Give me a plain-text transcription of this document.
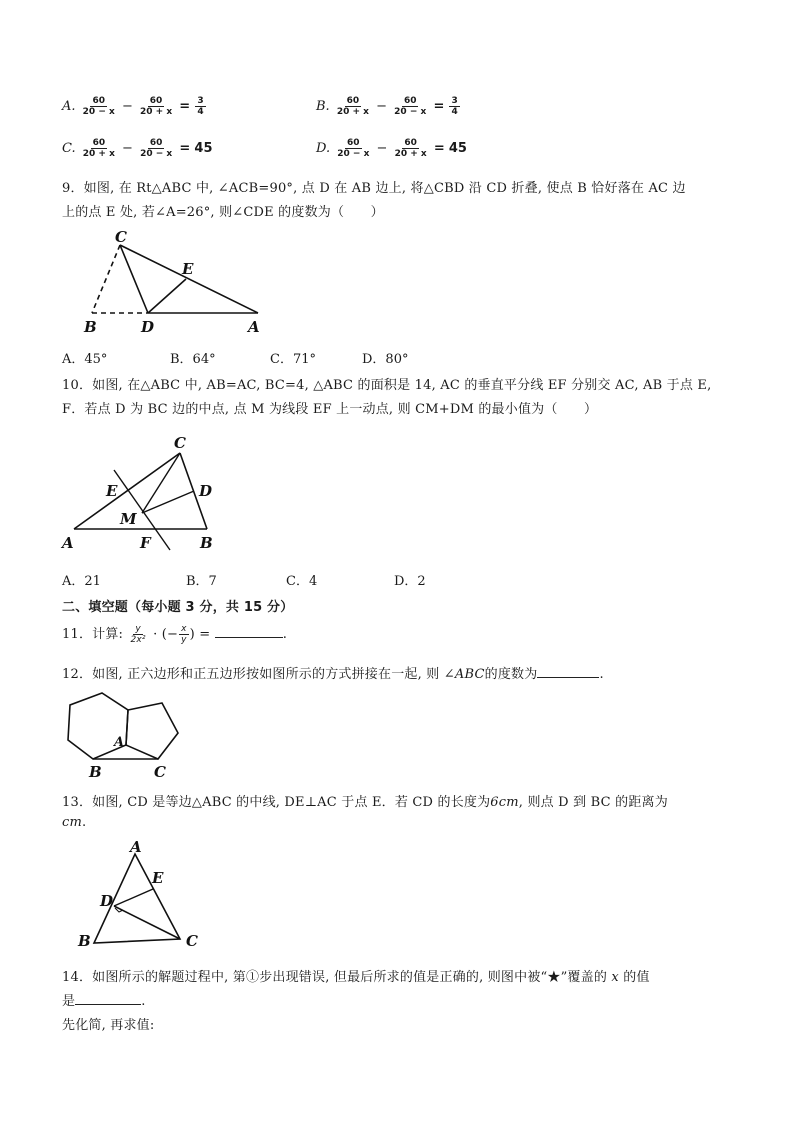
A. $\frac{60}{20 - x} - \frac{60}{20 + x} = \frac{3}{4}$	B. $\frac{60}{20 + x} - \frac{60}{20 - x} = \frac{3}{4}$
C. $\frac{60}{20 + x} - \frac{60}{20 - x} = 45$	D. $\frac{60}{20 - x} - \frac{60}{20 + x} = 45$
9．如图, 在 Rt△ABC 中, ∠ACB=90°, 点 D 在 AB 边上, 将△CBD 沿 CD 折叠, 使点 B 恰好落在 AC 边
上的点 E 处, 若∠A=26°, 则∠CDE 的度数为（　　）
C
E
B	D	A
A．45°	B．64°	C．71°	D．80°
10．如图, 在△ABC 中, AB=AC, BC=4, △ABC 的面积是 14, AC 的垂直平分线 EF 分别交 AC, AB 于点 E,
F．若点 D 为 BC 边的中点, 点 M 为线段 EF 上一动点, 则 CM+DM 的最小值为（　　）
C
E	D
M
A	F	B
A．21	B．7	C．4	D．2
二、填空题（每小题 3 分，共 15 分）
11．计算: $\frac{y}{\text{2x²}}$ · (− $\frac{x}{y}$ ) =	.
12．如图, 正六边形和正五边形按如图所示的方式拼接在一起, 则 ∠ABC的度数为	.
A
B	C
13．如图, CD 是等边△ABC 的中线, DE⊥AC 于点 E．若 CD 的长度为6cm, 则点 D 到 BC 的距离为
cm.
A
E
D
B	C
14．如图所示的解题过程中, 第①步出现错误, 但最后所求的值是正确的, 则图中被“★”覆盖的 x 的值
是	.
先化简, 再求值:
